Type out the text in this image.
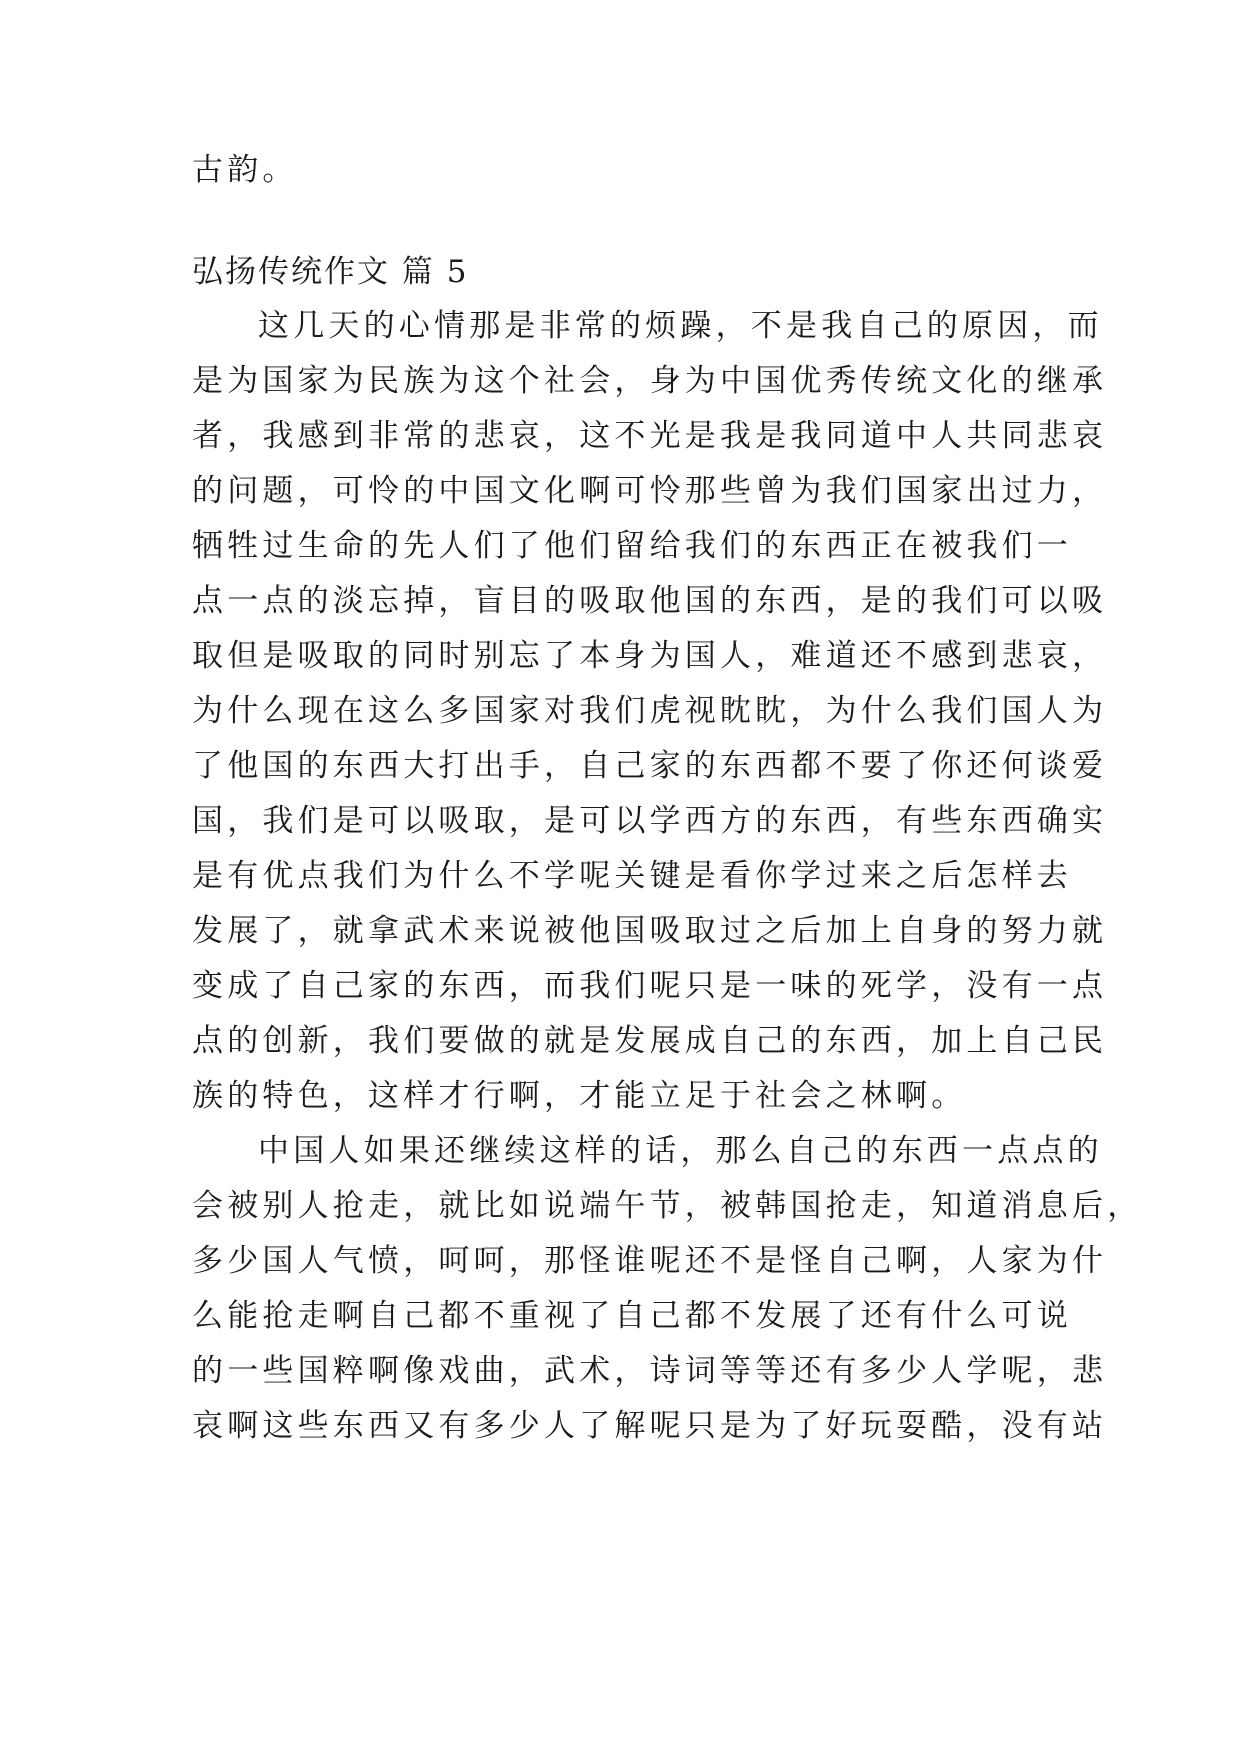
古韵。

弘扬传统作文 篇 5

这几天的心情那是非常的烦躁，不是我自己的原因，而

是为国家为民族为这个社会，身为中国优秀传统文化的继承

者，我感到非常的悲哀，这不光是我是我同道中人共同悲哀

的问题，可怜的中国文化啊可怜那些曾为我们国家出过力，

牺牲过生命的先人们了他们留给我们的东西正在被我们一

点一点的淡忘掉，盲目的吸取他国的东西，是的我们可以吸

取但是吸取的同时别忘了本身为国人，难道还不感到悲哀，

为什么现在这么多国家对我们虎视眈眈，为什么我们国人为

了他国的东西大打出手，自己家的东西都不要了你还何谈爱

国，我们是可以吸取，是可以学西方的东西，有些东西确实

是有优点我们为什么不学呢关键是看你学过来之后怎样去

发展了，就拿武术来说被他国吸取过之后加上自身的努力就

变成了自己家的东西，而我们呢只是一味的死学，没有一点

点的创新，我们要做的就是发展成自己的东西，加上自己民

族的特色，这样才行啊，才能立足于社会之林啊。

中国人如果还继续这样的话，那么自己的东西一点点的

会被别人抢走，就比如说端午节，被韩国抢走，知道消息后，

多少国人气愤，呵呵，那怪谁呢还不是怪自己啊，人家为什

么能抢走啊自己都不重视了自己都不发展了还有什么可说

的一些国粹啊像戏曲，武术，诗词等等还有多少人学呢，悲

哀啊这些东西又有多少人了解呢只是为了好玩耍酷，没有站
